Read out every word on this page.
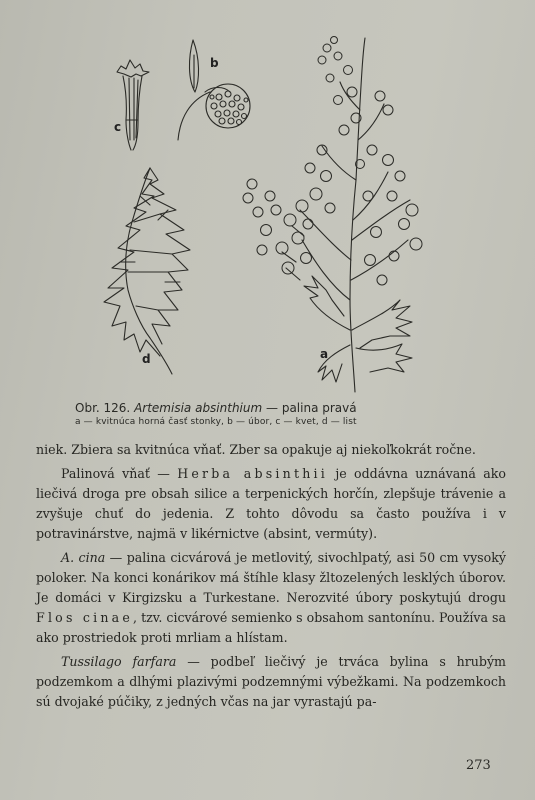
b
c
d	a
Obr. 126. Artemisia absinthium — palina pravá
a — kvitnúca horná časť stonky, b — úbor, c — kvet, d — list

niek. Zbiera sa kvitnúca vňať. Zber sa opakuje aj niekoľkokrát ročne.

Palinová vňať — Herba absinthii je oddávna uznávaná ako liečivá droga pre obsah silice a terpenických horčín, zlepšuje trávenie a zvyšuje chuť do jedenia. Z tohto dôvodu sa často používa i v potravinárstve, najmä v likérnictve (absint, vermúty).

A. cina — palina cicvárová je metlovitý, sivochlpatý, asi 50 cm vysoký poloker. Na konci konárikov má štíhle klasy žltozelených lesklých úborov. Je domáci v Kirgizsku a Turkestane. Nerozvité úbory poskytujú drogu Flos cinae, tzv. cicvárové semienko s obsahom santonínu. Používa sa ako prostriedok proti mrliam a hlístam.

Tussilago farfara — podbeľ liečivý je trváca bylina s hrubým podzemkom a dlhými plazivými podzemnými výbežkami. Na podzemkoch sú dvojaké púčiky, z jedných včas na jar vyrastajú pa-

273
